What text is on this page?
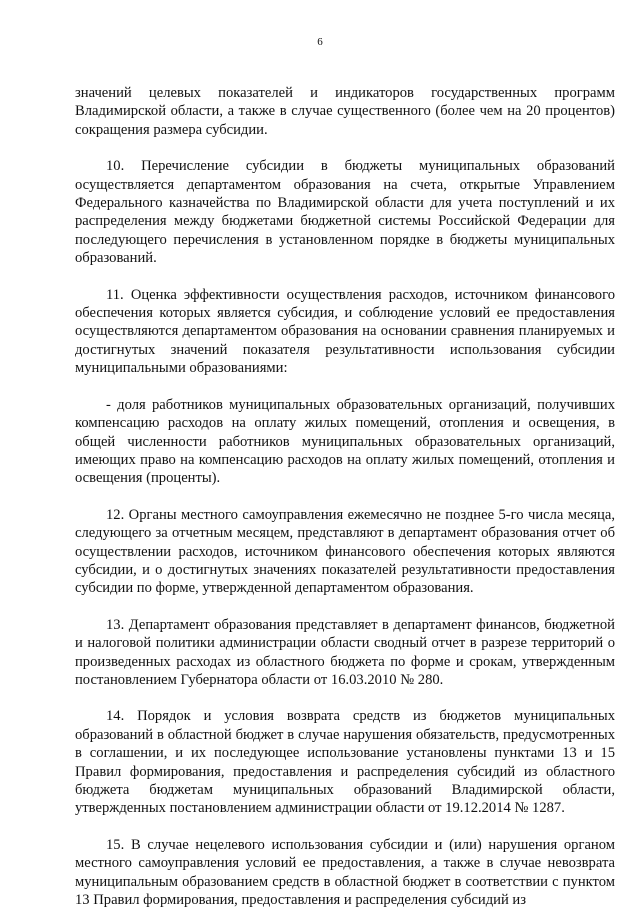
6

значений целевых показателей и индикаторов государственных программ Владимирской области, а также в случае существенного (более чем на 20 процентов) сокращения размера субсидии.

10. Перечисление субсидии в бюджеты муниципальных образований осуществляется департаментом образования на счета, открытые Управлением Федерального казначейства по Владимирской области для учета поступлений и их распределения между бюджетами бюджетной системы Российской Федерации для последующего перечисления в установленном порядке в бюджеты муниципальных образований.

11. Оценка эффективности осуществления расходов, источником финансового обеспечения которых является субсидия, и соблюдение условий ее предоставления осуществляются департаментом образования на основании сравнения планируемых и достигнутых значений показателя результативности использования субсидии муниципальными образованиями:

- доля работников муниципальных образовательных организаций, получивших компенсацию расходов на оплату жилых помещений, отопления и освещения, в общей численности работников муниципальных образовательных организаций, имеющих право на компенсацию расходов на оплату жилых помещений, отопления и освещения (проценты).

12. Органы местного самоуправления ежемесячно не позднее 5-го числа месяца, следующего за отчетным месяцем, представляют в департамент образования отчет об осуществлении расходов, источником финансового обеспечения которых являются субсидии, и о достигнутых значениях показателей результативности предоставления субсидии по форме, утвержденной департаментом образования.

13. Департамент образования представляет в департамент финансов, бюджетной и налоговой политики администрации области сводный отчет в разрезе территорий о произведенных расходах из областного бюджета по форме и срокам, утвержденным постановлением Губернатора области от 16.03.2010 № 280.

14. Порядок и условия возврата средств из бюджетов муниципальных образований в областной бюджет в случае нарушения обязательств, предусмотренных в соглашении, и их последующее использование установлены пунктами 13 и 15 Правил формирования, предоставления и распределения субсидий из областного бюджета бюджетам муниципальных образований Владимирской области, утвержденных постановлением администрации области от 19.12.2014 № 1287.

15. В случае нецелевого использования субсидии и (или) нарушения органом местного самоуправления условий ее предоставления, а также в случае невозврата муниципальным образованием средств в областной бюджет в соответствии с пунктом 13 Правил формирования, предоставления и распределения субсидий из
